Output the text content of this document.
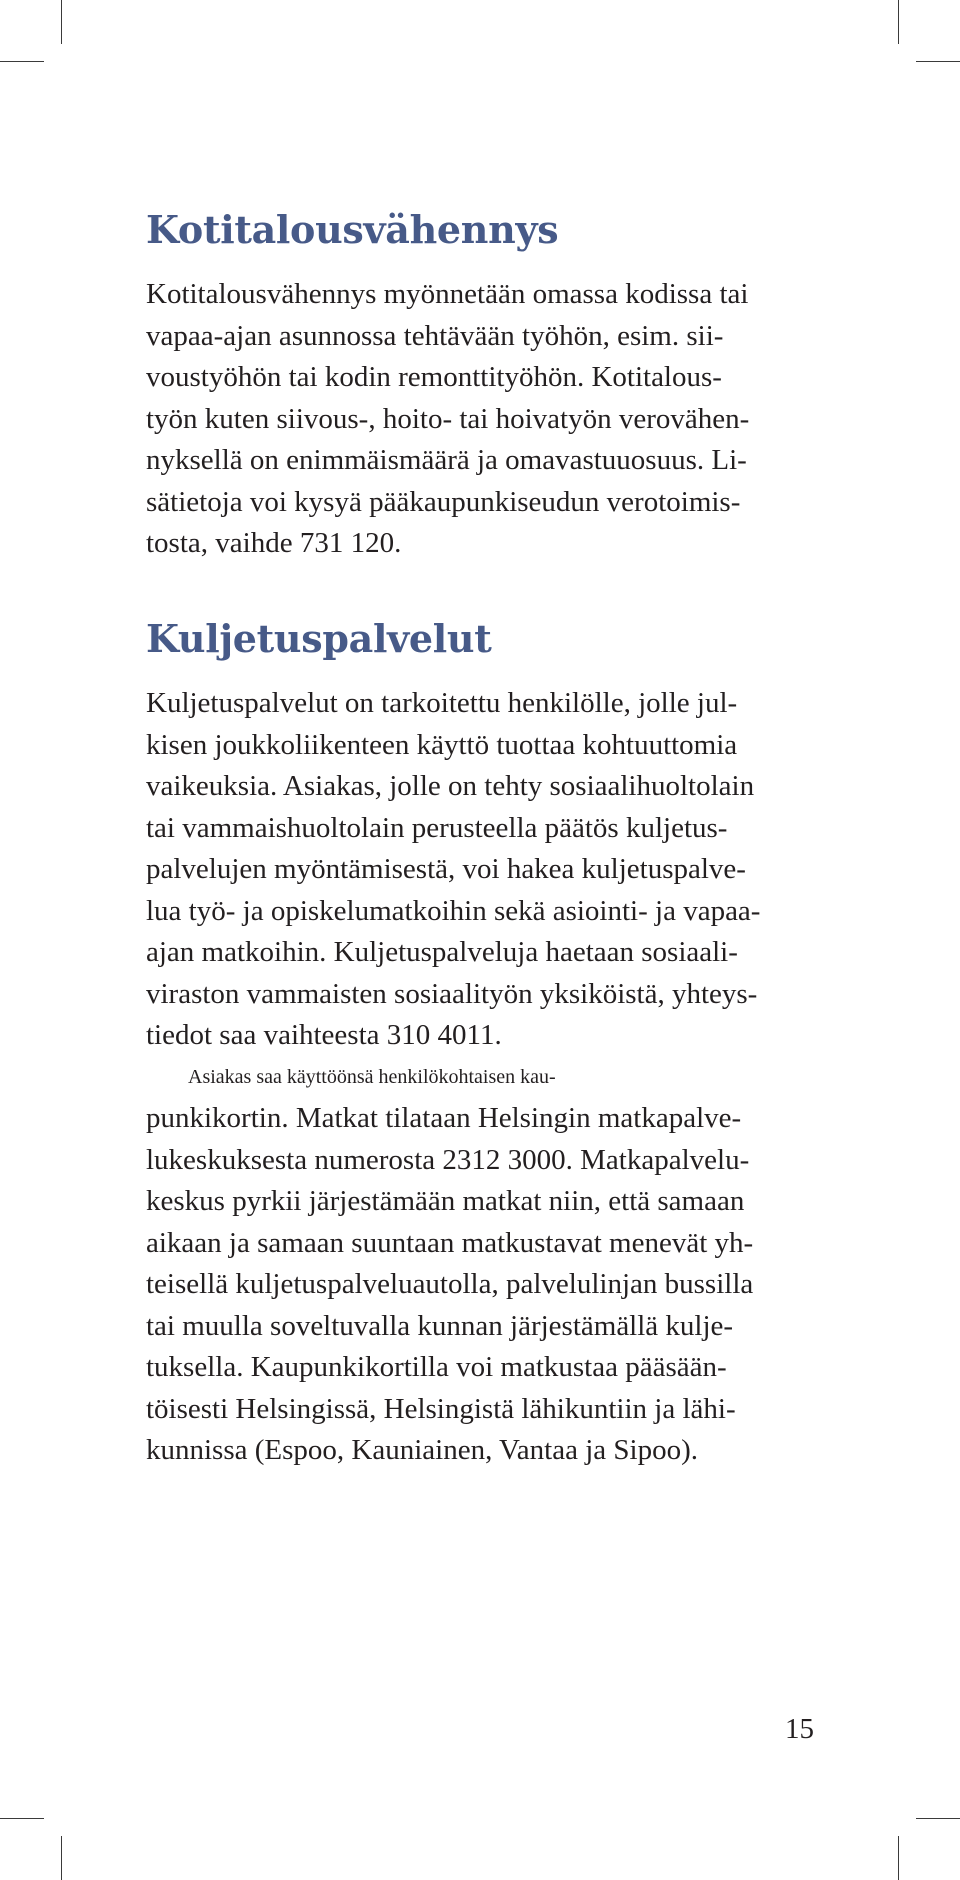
Kotitalousvähennys

Kotitalousvähennys myönnetään omassa kodissa tai
vapaa-ajan asunnossa tehtävään työhön, esim. sii-
voustyöhön tai kodin remonttityöhön. Kotitalous-
työn kuten siivous-, hoito- tai hoivatyön verovähen-
nyksellä on enimmäismäärä ja omavastuuosuus. Li-
sätietoja voi kysyä pääkaupunkiseudun verotoimis-
tosta, vaihde 731 120.

Kuljetuspalvelut

Kuljetuspalvelut on tarkoitettu henkilölle, jolle jul-
kisen joukkoliikenteen käyttö tuottaa kohtuuttomia
vaikeuksia. Asiakas, jolle on tehty sosiaalihuoltolain
tai vammaishuoltolain perusteella päätös kuljetus-
palvelujen myöntämisestä, voi hakea kuljetuspalve-
lua työ- ja opiskelumatkoihin sekä asiointi- ja vapaa-
ajan matkoihin. Kuljetuspalveluja haetaan sosiaali-
viraston vammaisten sosiaalityön yksiköistä, yhteys-
tiedot saa vaihteesta 310 4011.

Asiakas saa käyttöönsä henkilökohtaisen kau-
punkikortin. Matkat tilataan Helsingin matkapalve-
lukeskuksesta numerosta 2312 3000. Matkapalvelu-
keskus pyrkii järjestämään matkat niin, että samaan
aikaan ja samaan suuntaan matkustavat menevät yh-
teisellä kuljetuspalveluautolla, palvelulinjan bussilla
tai muulla soveltuvalla kunnan järjestämällä kulje-
tuksella. Kaupunkikortilla voi matkustaa pääsään-
töisesti Helsingissä, Helsingistä lähikuntiin ja lähi-
kunnissa (Espoo, Kauniainen, Vantaa ja Sipoo).

15
